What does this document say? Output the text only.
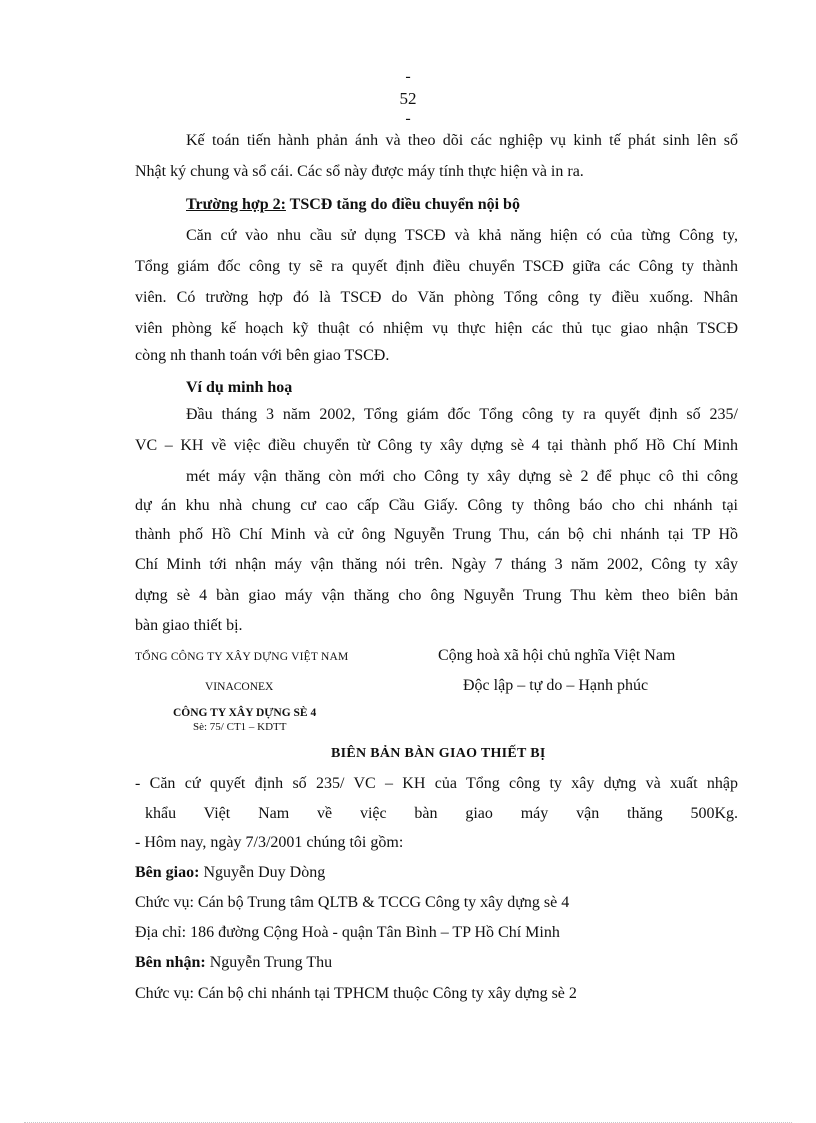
-
52
-
Kế toán tiến hành phản ánh và theo dõi các nghiệp vụ kinh tế phát sinh lên sổ
Nhật ký chung và sổ cái. Các sổ này được máy tính thực hiện và in ra.
Trường hợp 2: TSCĐ tăng do điều chuyển nội bộ
Căn cứ vào nhu cầu sử dụng TSCĐ và khả năng hiện có của từng Công ty,
Tổng giám đốc công ty sẽ ra quyết định điều chuyển TSCĐ giữa các Công ty thành
viên. Có trường hợp đó là TSCĐ do Văn phòng Tổng công ty điều xuống. Nhân
viên phòng kế hoạch kỹ thuật có nhiệm vụ thực hiện các thủ tục giao nhận TSCĐ
còng nh thanh toán với bên giao TSCĐ.
Ví dụ minh hoạ
Đầu tháng 3 năm 2002, Tổng giám đốc Tổng công ty ra quyết định số 235/
VC – KH về việc điều chuyển từ Công ty xây dựng sè 4 tại thành phố Hồ Chí Minh
mét máy vận thăng còn mới cho Công ty xây dựng sè 2 để phục cô thi công
dự án khu nhà chung cư cao cấp Cầu Giấy. Công ty thông báo cho chi nhánh tại
thành phố Hồ Chí Minh và cử ông Nguyễn Trung Thu, cán bộ chi nhánh tại TP Hồ
Chí Minh tới nhận máy vận thăng nói trên. Ngày 7 tháng 3 năm 2002, Công ty xây
dựng sè 4 bàn giao máy vận thăng cho ông Nguyễn Trung Thu kèm theo biên bản
bàn giao thiết bị.
TỔNG CÔNG TY XÂY DỰNG VIỆT NAM
VINACONEX
CÔNG TY XÂY DỰNG SÈ 4
Sè: 75/ CT1 – KDTT
Cộng hoà xã hội chủ nghĩa Việt Nam
Độc lập – tự do – Hạnh phúc
BIÊN BẢN BÀN GIAO THIẾT BỊ
- Căn cứ quyết định số 235/ VC – KH của Tổng công ty xây dựng và xuất nhập
khẩu Việt Nam về việc bàn giao máy vận thăng 500Kg.
- Hôm nay, ngày 7/3/2001 chúng tôi gồm:
Bên giao: Nguyễn Duy Dòng
Chức vụ: Cán bộ Trung tâm QLTB & TCCG Công ty xây dựng sè 4
Địa chỉ: 186 đường Cộng Hoà - quận Tân Bình – TP Hồ Chí Minh
Bên nhận: Nguyễn Trung Thu
Chức vụ: Cán bộ chi nhánh tại TPHCM thuộc Công ty xây dựng sè 2
